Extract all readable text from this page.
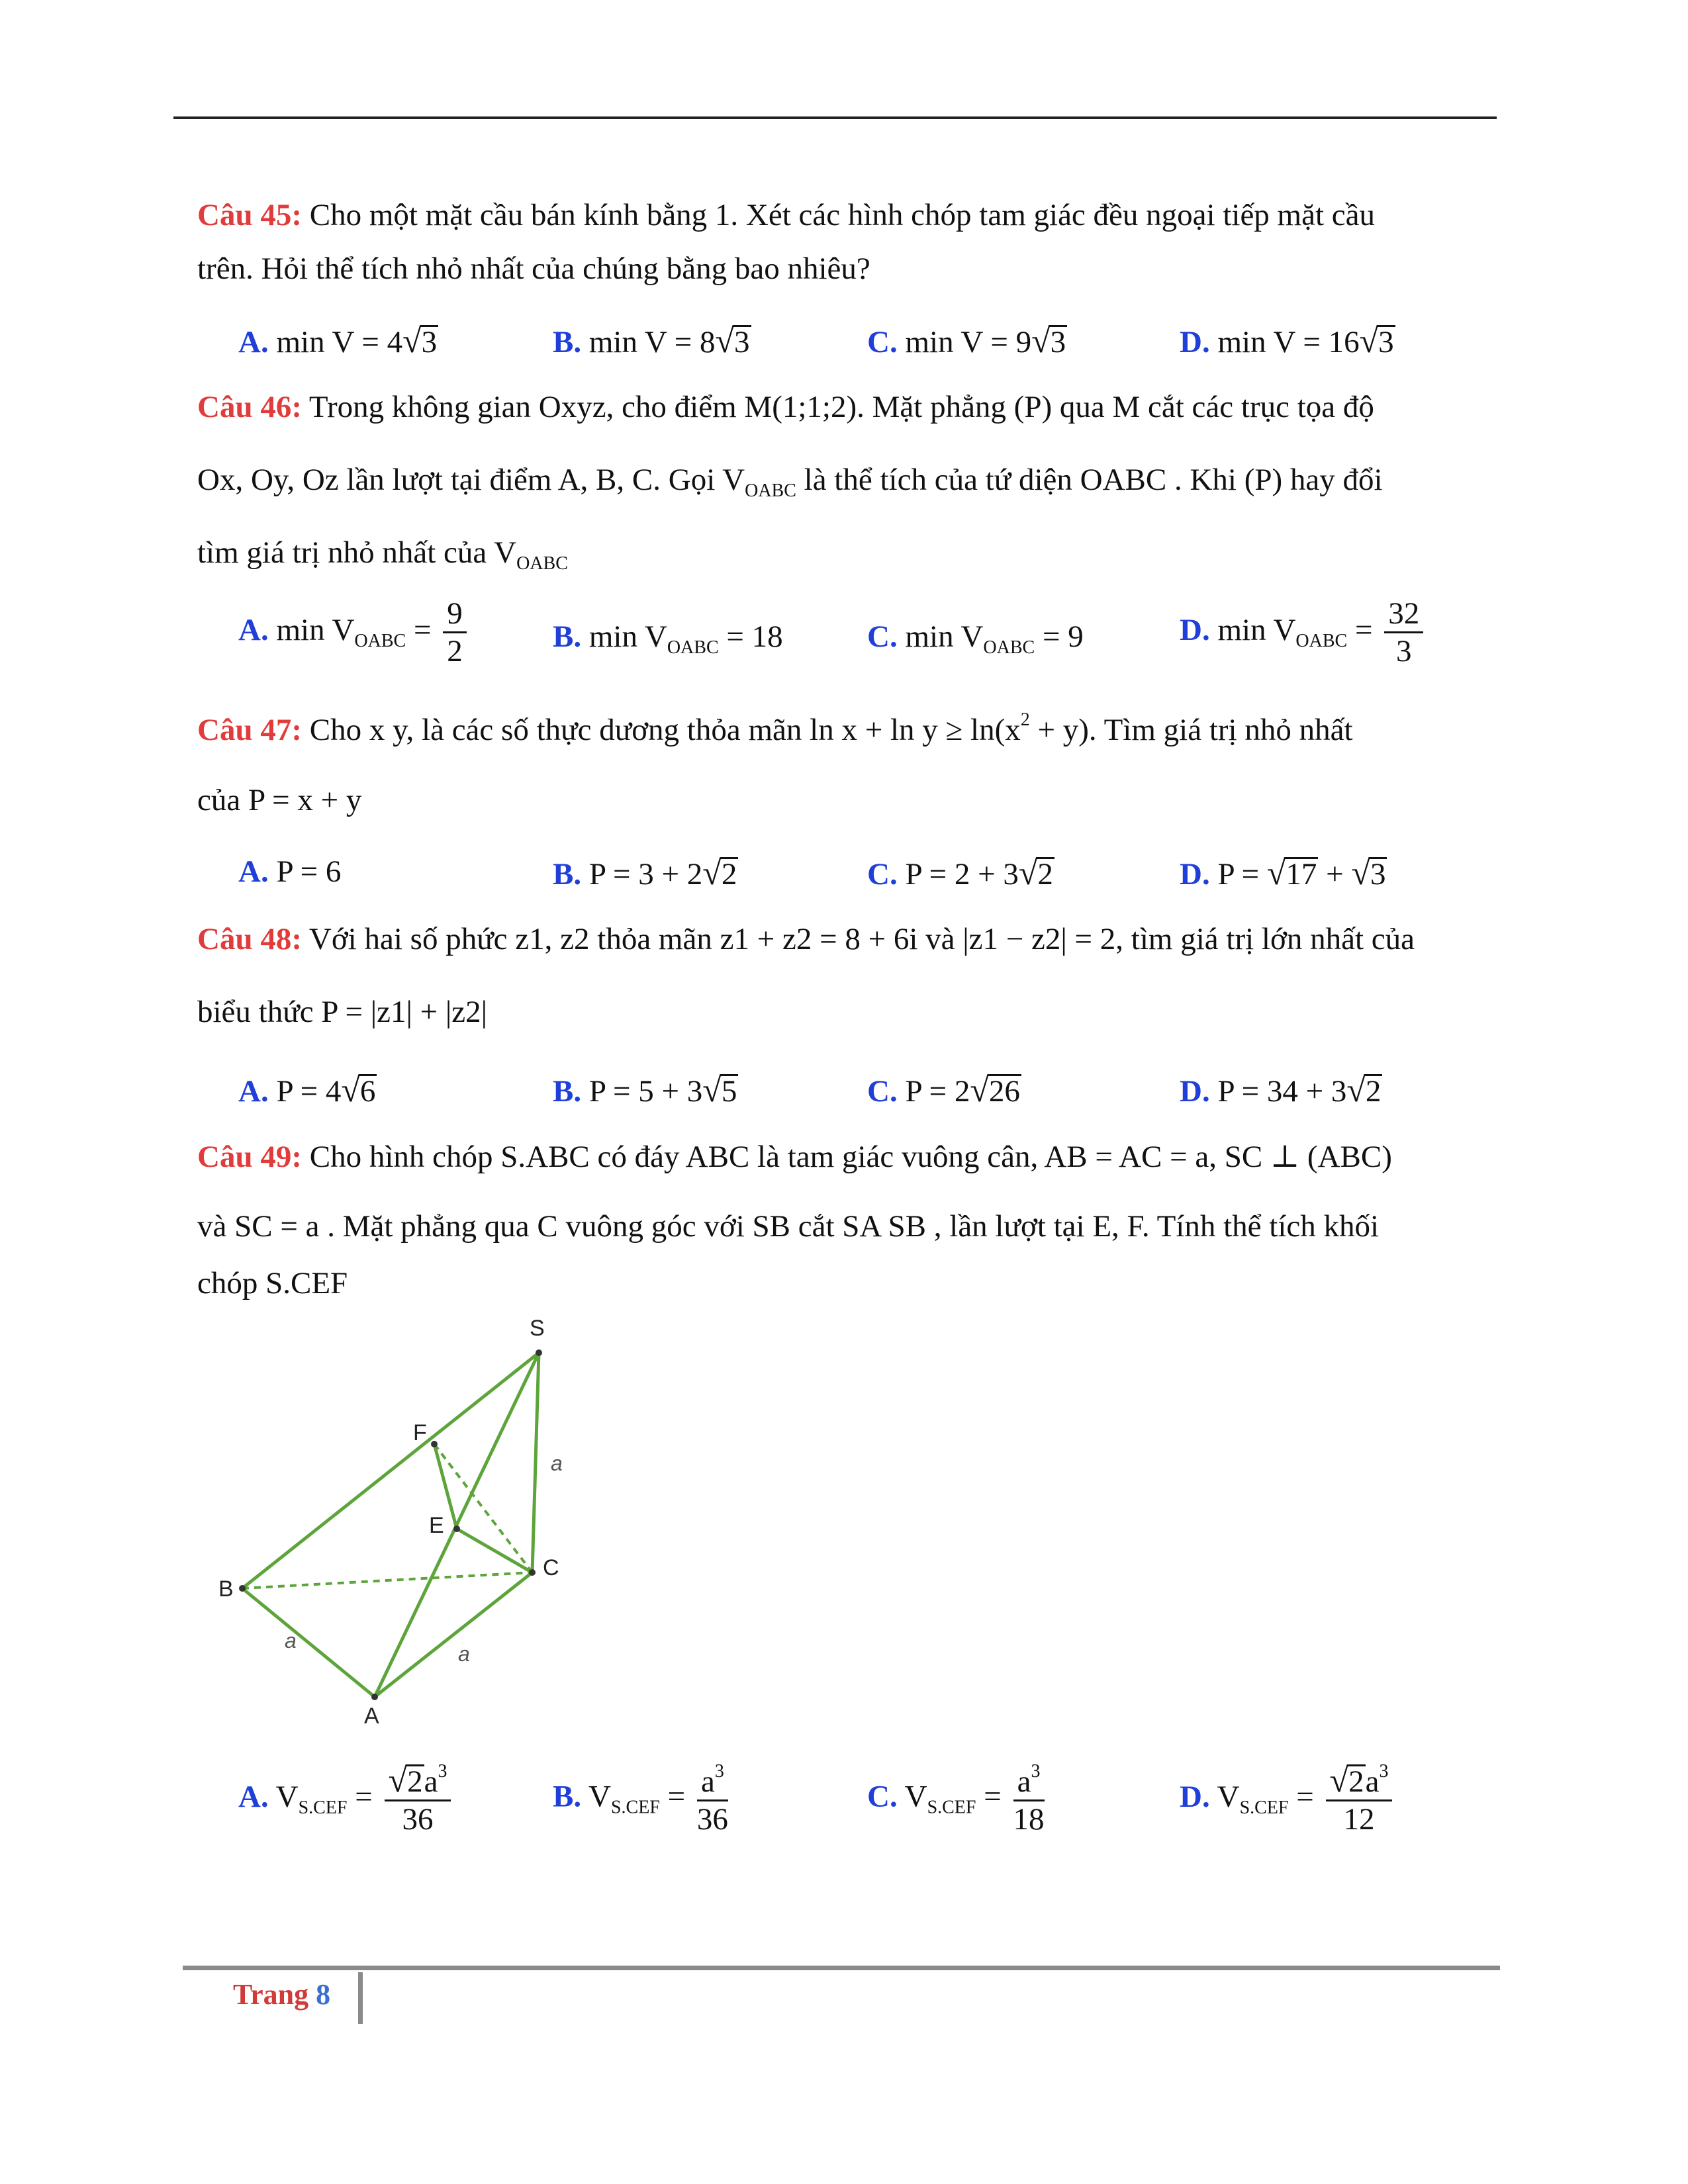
Câu 45: Cho một mặt cầu bán kính bằng 1. Xét các hình chóp tam giác đều ngoại tiếp mặt cầu
trên. Hỏi thể tích nhỏ nhất của chúng bằng bao nhiêu?
A. min V = 4√3	B. min V = 8√3	C. min V = 9√3	D. min V = 16√3
Câu 46: Trong không gian Oxyz, cho điểm M(1;1;2). Mặt phẳng (P) qua M cắt các trục tọa độ
Ox, Oy, Oz lần lượt tại điểm A, B, C. Gọi $V_{OABC}$ là thể tích của tứ diện OABC . Khi (P) hay đổi
tìm giá trị nhỏ nhất của $V_{OABC}$
A. $\min V_{OABC} = \frac{9}{2}$	B. $\min V_{OABC} = 18$	C. $\min V_{OABC} = 9$	D. $\min V_{OABC} = \frac{32}{3}$
Câu 47: Cho x y, là các số thực dương thỏa mãn $\ln x + \ln y \ge \ln(x^2 + y)$. Tìm giá trị nhỏ nhất
của P = x + y
A. P = 6	B. P = 3 + 2√2	C. P = 2 + 3√2	D. P = √17 + √3
Câu 48: Với hai số phức z1, z2 thỏa mãn z1 + z2 = 8 + 6i và |z1 − z2| = 2, tìm giá trị lớn nhất của
biểu thức P = |z1| + |z2|
A. P = 4√6	B. P = 5 + 3√5	C. P = 2√26	D. P = 34 + 3√2
Câu 49: Cho hình chóp S.ABC có đáy ABC là tam giác vuông cân, AB = AC = a, SC ⊥ (ABC)
và SC = a . Mặt phẳng qua C vuông góc với SB cắt SA SB , lần lượt tại E, F. Tính thể tích khối
chóp S.CEF
S
F
E
B
C
A
a
a
a
A. $V_{S.CEF} = \frac{√2a^3}{36}$	B. $V_{S.CEF} = \frac{a^3}{36}$	C. $V_{S.CEF} = \frac{a^3}{18}$	D. $V_{S.CEF} = \frac{√2a^3}{12}$
Trang 8
